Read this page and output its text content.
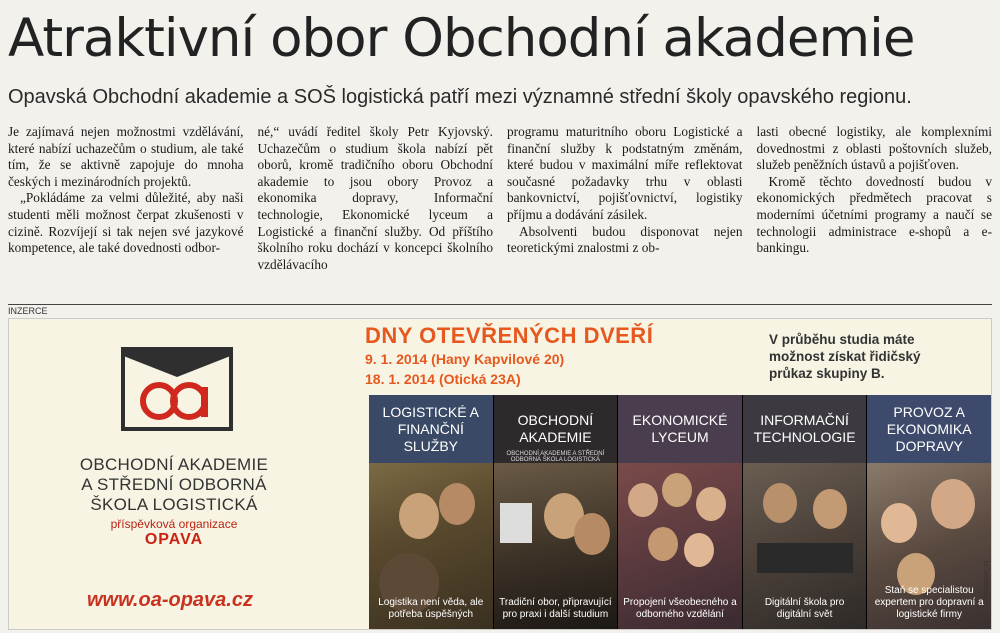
Atraktivní obor Obchodní akademie
Opavská Obchodní akademie a SOŠ logistická patří mezi významné střední školy opavského regionu.

Je zajímavá nejen možnostmi vzdělávání, které nabízí uchazečům o studium, ale také tím, že se aktivně zapojuje do mnoha českých i mezinárodních projektů.

„Pokládáme za velmi důležité, aby naši studenti měli možnost čerpat zkušenosti v cizině. Rozvíjejí si tak nejen své jazykové kompetence, ale také dovednosti odbor-

né,“ uvádí ředitel školy Petr Kyjovský. Uchazečům o studium škola nabízí pět oborů, kromě tradičního oboru Obchodní akademie to jsou obory Provoz a ekonomika dopravy, Informační technologie, Ekonomické lyceum a Logistické a finanční služby. Od příštího školního roku dochází v koncepci školního vzdělávacího

programu maturitního oboru Logistické a finanční služby k podstatným změnám, které budou v maximální míře reflektovat současné požadavky trhu v oblasti bankovnictví, pojišťovnictví, logistiky příjmu a dodávání zásilek.

Absolventi budou disponovat nejen teoretickými znalostmi z ob-

lasti obecné logistiky, ale komplexními dovednostmi z oblasti poštovních služeb, služeb peněžních ústavů a pojišťoven.

Kromě těchto dovedností budou v ekonomických předmětech pracovat s moderními účetními programy a naučí se technologii administrace e-shopů a e-bankingu.

INZERCE
OBCHODNÍ AKADEMIE
A STŘEDNÍ ODBORNÁ
ŠKOLA LOGISTICKÁ
příspěvková organizace
OPAVA
www.oa-opava.cz
DNY OTEVŘENÝCH DVEŘÍ
9. 1. 2014 (Hany Kapvilové 20)
18. 1. 2014 (Otická 23A)
V průběhu studia máte možnost získat řidičský průkaz skupiny B.
LOGISTICKÉ A FINANČNÍ SLUŽBY
Logistika není věda, ale potřeba úspěšných
OBCHODNÍ AKADEMIE
OBCHODNÍ AKADEMIE A STŘEDNÍ ODBORNÁ ŠKOLA LOGISTICKÁ
Tradiční obor, připravující pro praxi i další studium
EKONOMICKÉ LYCEUM
Propojení všeobecného a odborného vzdělání
INFORMAČNÍ TECHNOLOGIE
Digitální škola pro digitální svět
PROVOZ A EKONOMIKA DOPRAVY
Staň se specialistou expertem pro dopravní a logistické firmy
70002985M_81
